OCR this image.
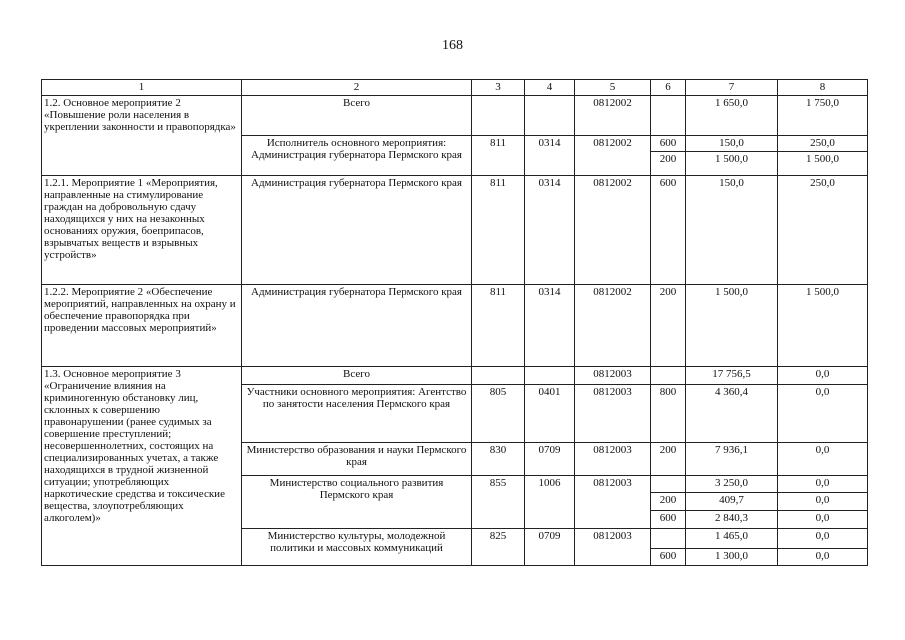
168
1	2	3	4	5	6	7	8
1.2. Основное мероприятие 2 «Повышение роли населения в укреплении законности и правопорядка»	Всего			0812002		1 650,0	1 750,0
	Исполнитель основного мероприятия: Администрация губернатора Пермского края	811	0314	0812002	600	150,0	250,0
					200	1 500,0	1 500,0
1.2.1. Мероприятие 1 «Мероприятия, направленные на стимулирование граждан на добровольную сдачу находящихся у них на незаконных основаниях оружия, боеприпасов, взрывчатых веществ и взрывных устройств»	Администрация губернатора Пермского края	811	0314	0812002	600	150,0	250,0
1.2.2. Мероприятие 2 «Обеспечение мероприятий, направленных на охрану и обеспечение правопорядка при проведении массовых мероприятий»	Администрация губернатора Пермского края	811	0314	0812002	200	1 500,0	1 500,0
1.3. Основное мероприятие 3 «Ограничение влияния на криминогенную обстановку лиц, склонных к совершению правонарушении (ранее судимых за совершение преступлений; несовершеннолетних, состоящих на специализированных учетах, а также находящихся в трудной жизненной ситуации; употребляющих наркотические средства и токсические вещества, злоупотребляющих алкоголем)»	Всего			0812003		17 756,5	0,0
	Участники основного мероприятия: Агентство по занятости населения Пермского края	805	0401	0812003	800	4 360,4	0,0
	Министерство образования и науки Пермского края	830	0709	0812003	200	7 936,1	0,0
	Министерство социального развития Пермского края	855	1006	0812003		3 250,0	0,0
					200	409,7	0,0
					600	2 840,3	0,0
	Министерство культуры, молодежной политики и массовых коммуникаций	825	0709	0812003		1 465,0	0,0
					600	1 300,0	0,0
